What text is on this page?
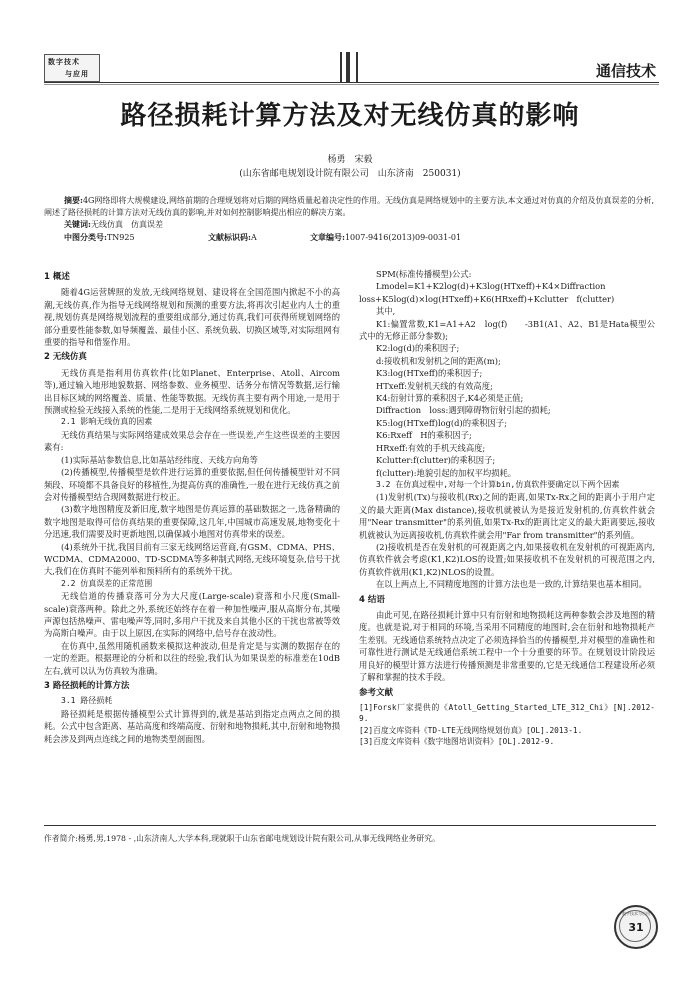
数字技术
与应用	通信技术
路径损耗计算方法及对无线仿真的影响
杨勇　宋毅
(山东省邮电规划设计院有限公司　山东济南　250031)
摘要:4G网络即将大规模建设,网络前期的合理规划将对后期的网络质量起着决定性的作用。无线仿真是网络规划中的主要方法,本文通过对仿真的介绍及仿真误差的分析,阐述了路径损耗的计算方法对无线仿真的影响,并对如何控制影响提出相应的解决方案。
关键词:无线仿真　仿真误差
中图分类号:TN925	文献标识码:A	文章编号:1007-9416(2013)09-0031-01
1 概述

随着4G运营牌照的发放,无线网络规划、建设将在全国范围内掀起不小的高潮,无线仿真,作为指导无线网络规划和预测的重要方法,将再次引起业内人士的重视,规划仿真是网络规划流程的重要组成部分,通过仿真,我们可获得所规划网络的部分重要性能参数,如导频覆盖、最佳小区、系统负载、切换区域等,对实际组网有重要的指导和借鉴作用。

2 无线仿真

无线仿真是指利用仿真软件(比如Planet、Enterprise、Atoll、Aircom等),通过输入地形地貌数据、网络参数、业务模型、话务分布情况等数据,运行输出目标区域的网络覆盖、质量、性能等数据。无线仿真主要有两个用途,一是用于预测或检验无线接入系统的性能,二是用于无线网络系统规划和优化。

2.1 影响无线仿真的因素

无线仿真结果与实际网络建成效果总会存在一些误差,产生这些误差的主要因素有:

(1)实际基站参数信息,比如基站经纬度、天线方向角等

(2)传播模型,传播模型是软件进行运算的重要依据,但任何传播模型针对不同频段、环境都不具备良好的移植性,为提高仿真的准确性,一般在进行无线仿真之前会对传播模型结合现网数据进行校正。

(3)数字地图精度及新旧度,数字地图是仿真运算的基础数据之一,选备精确的数字地图是取得可信仿真结果的重要保障,这几年,中国城市高速发展,地物变化十分迅速,我们需要及时更新地图,以确保减小地图对仿真带来的误差。

(4)系统外干扰,我国目前有三家无线网络运营商,有GSM、CDMA、PHS、WCDMA、CDMA2000、TD-SCDMA等多种制式网络,无线环境复杂,信号干扰大,我们在仿真时不能列举和预料所有的系统外干扰。

2.2 仿真误差的正常范围

无线信道的传播衰落可分为大尺度(Large-scale)衰落和小尺度(Small-scale)衰落两种。除此之外,系统还始终存在着一种加性噪声,服从高斯分布,其噪声源包括热噪声、雷电噪声等,同时,多用户干扰及来自其他小区的干扰也常被等效为高斯白噪声。由于以上原因,在实际的网络中,信号存在波动性。

在仿真中,虽然用随机函数来模拟这种波动,但是肯定是与实测的数据存在的一定的差距。根据理论的分析和以往的经验,我们认为如果误差的标准差在10dB左右,就可以认为仿真较为准确。

3 路径损耗的计算方法

3.1 路径损耗

路径损耗是根据传播模型公式计算得到的,就是基站到指定点两点之间的损耗。公式中包含距离、基站高度和终端高度、衍射和地物损耗,其中,衍射和地物损耗会涉及到两点连线之间的地物类型剖面图。

SPM(标准传播模型)公式:

Lmodel=K1+K2log(d)+K3log(HTxeff)+K4×Diffraction loss+K5log(d)×log(HTxeff)+K6(HRxeff)+Kclutter　f(clutter)

其中,

K1:偏置常数,K1=A1+A2　log(f)　　-3B1(A1、A2、B1是Hata模型公式中的无修正部分参数);

K2:log(d)的乘积因子;

d:接收机和发射机之间的距离(m);

K3:log(HTxeff)的乘积因子;

HTxeff:发射机天线的有效高度;

K4:衍射计算的乘积因子,K4必须是正值;

Diffraction　loss:遇到障碍物衍射引起的损耗;

K5:log(HTxeff)log(d)的乘积因子;

K6:Rxeff　H的乘积因子;

HRxeff:有效的手机天线高度;

Kclutter:f(clutter)的乘积因子;

f(clutter):地貌引起的加权平均损耗。

3.2 在仿真过程中,对每一个计算bin,仿真软件要确定以下两个因素

(1)发射机(Tx)与接收机(Rx)之间的距离,如果Tx-Rx之间的距离小于用户定义的最大距离(Max distance),接收机就被认为是接近发射机的,仿真软件就会用"Near transmitter"的系列值,如果Tx-Rx的距离比定义的最大距离要远,接收机就被认为远离接收机,仿真软件就会用"Far from transmitter"的系列值。

(2)接收机是否在发射机的可视距离之内,如果接收机在发射机的可视距离内,仿真软件就会考虑(K1,K2)LOS的设置;如果接收机不在发射机的可视范围之内,仿真软件就用(K1,K2)NLOS的设置。

在以上两点上,不同精度地图的计算方法也是一致的,计算结果也基本相同。

4 结语

由此可见,在路径损耗计算中只有衍射和地物损耗这两种参数会涉及地图的精度。也就是说,对于相同的环境,当采用不同精度的地图时,会在衍射和地物损耗产生差别。无线通信系统特点决定了必须选择恰当的传播模型,并对模型的准确性和可靠性进行测试是无线通信系统工程中一个十分重要的环节。在规划设计阶段运用良好的模型计算方法进行传播预测是非常重要的,它是无线通信工程建设所必须了解和掌握的技术手段。

参考文献

[1]Forsk厂家提供的《Atoll_Getting_Started_LTE_312_Chi》[N].2012-9.

[2]百度文库资料《TD-LTE无线网络规划仿真》[OL].2013-1.

[3]百度文库资料《数字地图培训资料》[OL].2012-9.

作者简介:杨勇,男,1978 - ,山东济南人,大学本科,现就职于山东省邮电规划设计院有限公司,从事无线网络业务研究。
数字技术与应用
31
